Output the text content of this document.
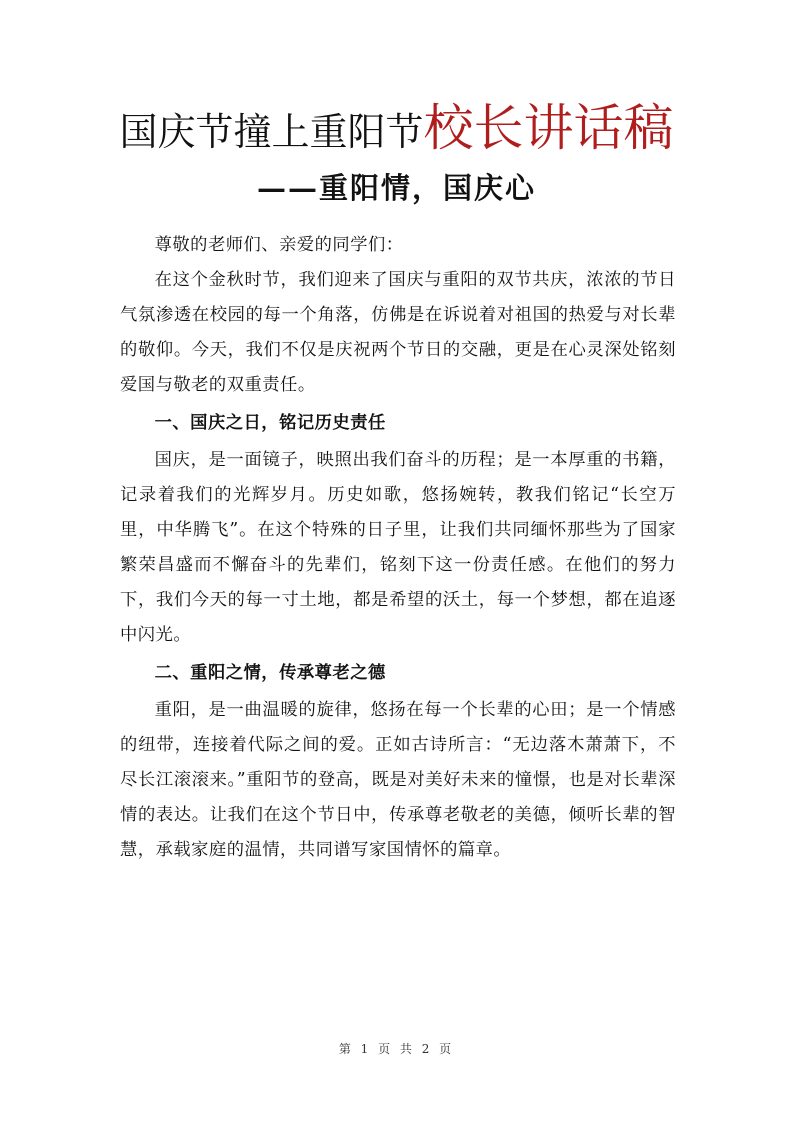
国庆节撞上重阳节校长讲话稿
——重阳情，国庆心

尊敬的老师们、亲爱的同学们：

在这个金秋时节，我们迎来了国庆与重阳的双节共庆，浓浓的节日气氛渗透在校园的每一个角落，仿佛是在诉说着对祖国的热爱与对长辈的敬仰。今天，我们不仅是庆祝两个节日的交融，更是在心灵深处铭刻爱国与敬老的双重责任。

一、国庆之日，铭记历史责任

国庆，是一面镜子，映照出我们奋斗的历程；是一本厚重的书籍，记录着我们的光辉岁月。历史如歌，悠扬婉转，教我们铭记“长空万里，中华腾飞”。在这个特殊的日子里，让我们共同缅怀那些为了国家繁荣昌盛而不懈奋斗的先辈们，铭刻下这一份责任感。在他们的努力下，我们今天的每一寸土地，都是希望的沃土，每一个梦想，都在追逐中闪光。

二、重阳之情，传承尊老之德

重阳，是一曲温暖的旋律，悠扬在每一个长辈的心田；是一个情感的纽带，连接着代际之间的爱。正如古诗所言：“无边落木萧萧下，不尽长江滚滚来。”重阳节的登高，既是对美好未来的憧憬，也是对长辈深情的表达。让我们在这个节日中，传承尊老敬老的美德，倾听长辈的智慧，承载家庭的温情，共同谱写家国情怀的篇章。

第 1 页 共 2 页
